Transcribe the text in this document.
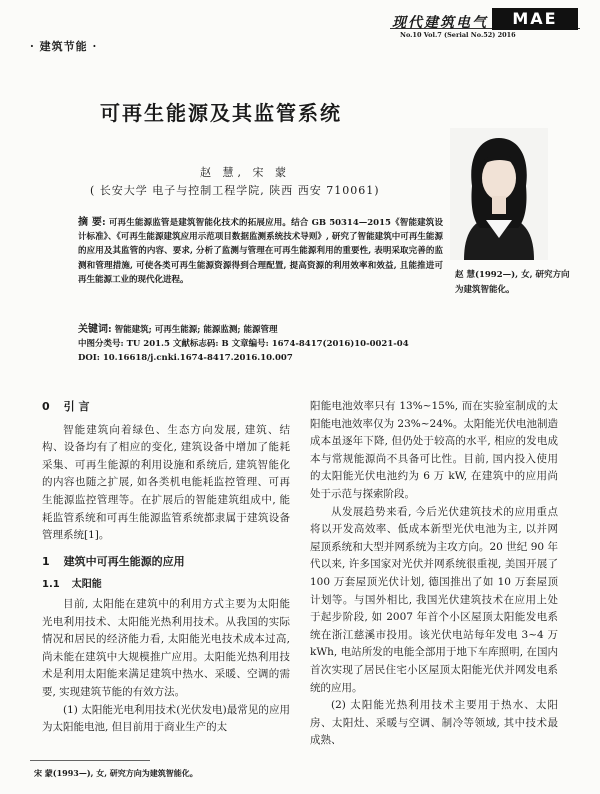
· 建筑节能 ·
现代建筑电气	MAE
No.10 Vol.7 (Serial No.52) 2016
可再生能源及其监管系统
赵 慧, 宋 蒙
( 长安大学 电子与控制工程学院, 陕西 西安 710061)
赵 慧(1992—), 女, 研究方向为建筑智能化。
摘 要: 可再生能源监管是建筑智能化技术的拓展应用。结合 GB 50314—2015《智能建筑设计标准》、《可再生能源建筑应用示范项目数据监测系统技术导则》, 研究了智能建筑中可再生能源的应用及其监管的内容、要求, 分析了监测与管理在可再生能源利用的重要性, 表明采取完善的监测和管理措施, 可使各类可再生能源资源得到合理配置, 提高资源的利用效率和效益, 且能推进可再生能源工业的现代化进程。
关键词: 智能建筑; 可再生能源; 能源监测; 能源管理
中图分类号: TU 201.5 文献标志码: B 文章编号: 1674-8417(2016)10-0021-04
DOI: 10.16618/j.cnki.1674-8417.2016.10.007
0 引 言

智能建筑向着绿色、生态方向发展, 建筑、结构、设备均有了相应的变化, 建筑设备中增加了能耗采集、可再生能源的利用设施和系统后, 建筑智能化的内容也随之扩展, 如各类机电能耗监控管理、可再生能源监控管理等。在扩展后的智能建筑组成中, 能耗监管系统和可再生能源监管系统都隶属于建筑设备管理系统[1]。

1 建筑中可再生能源的应用
1.1 太阳能

目前, 太阳能在建筑中的利用方式主要为太阳能光电利用技术、太阳能光热利用技术。从我国的实际情况和居民的经济能力看, 太阳能光电技术成本过高, 尚未能在建筑中大规模推广应用。太阳能光热利用技术是利用太阳能来满足建筑中热水、采暖、空调的需要, 实现建筑节能的有效方法。

(1) 太阳能光电利用技术(光伏发电)最常见的应用为太阳能电池, 但目前用于商业生产的太

阳能电池效率只有 13%~15%, 而在实验室制成的太阳能电池效率仅为 23%~24%。太阳能光伏电池制造成本虽逐年下降, 但仍处于较高的水平, 相应的发电成本与常规能源尚不具备可比性。目前, 国内投入使用的太阳能光伏电池约为 6 万 kW, 在建筑中的应用尚处于示范与探索阶段。

从发展趋势来看, 今后光伏建筑技术的应用重点将以开发高效率、低成本新型光伏电池为主, 以并网屋顶系统和大型并网系统为主攻方向。20 世纪 90 年代以来, 许多国家对光伏并网系统很重视, 美国开展了 100 万套屋顶光伏计划, 德国推出了如 10 万套屋顶计划等。与国外相比, 我国光伏建筑技术在应用上处于起步阶段, 如 2007 年首个小区屋顶太阳能发电系统在浙江慈溪市投用。该光伏电站每年发电 3~4 万 kWh, 电站所发的电能全部用于地下车库照明, 在国内首次实现了居民住宅小区屋顶太阳能光伏并网发电系统的应用。

(2) 太阳能光热利用技术主要用于热水、太阳房、太阳灶、采暖与空调、制冷等领域, 其中技术最成熟、

宋 蒙(1993—), 女, 研究方向为建筑智能化。
